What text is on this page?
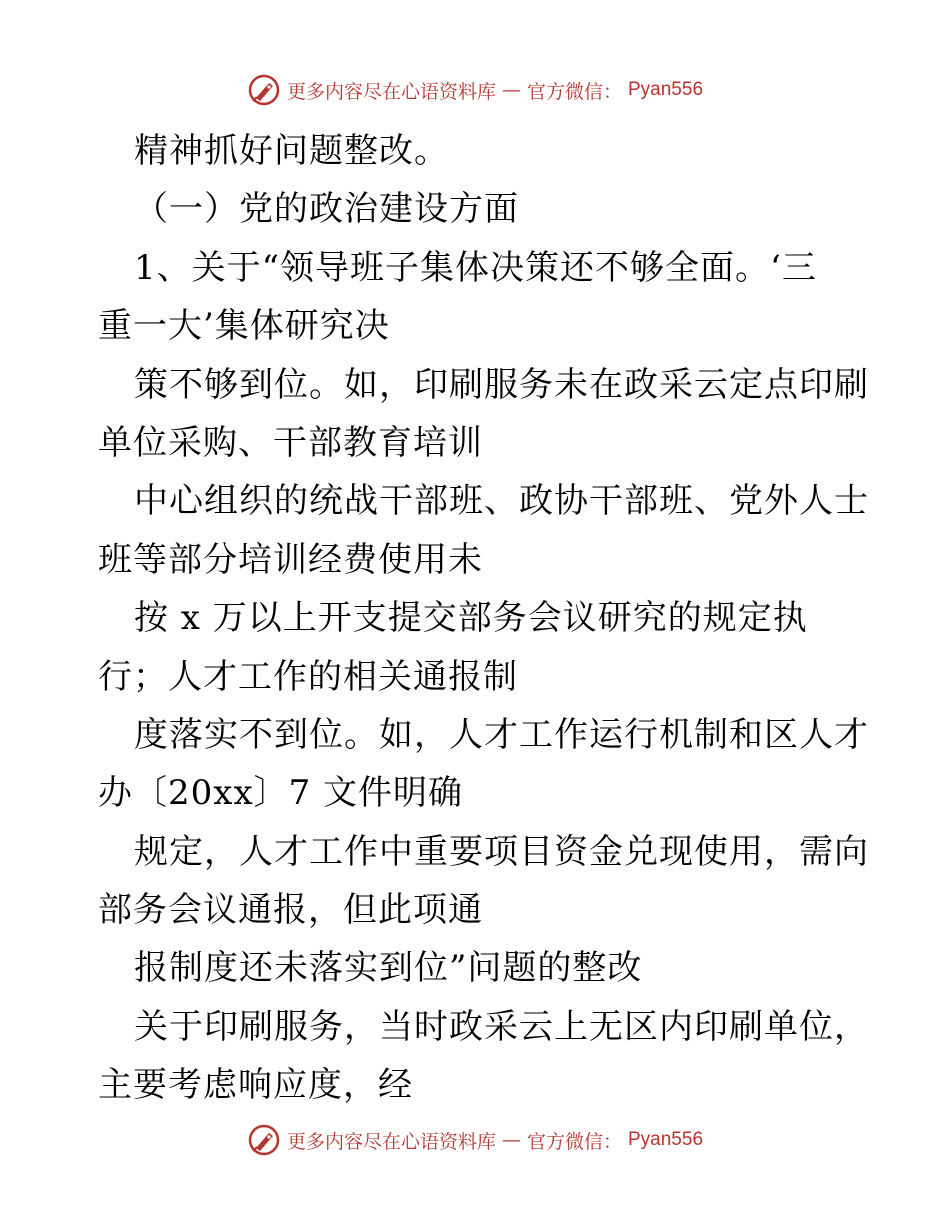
更多内容尽在心语资料库 — 官方微信： Pyan556
精神抓好问题整改。
（一）党的政治建设方面
1、关于“领导班子集体决策还不够全面。‘三
重一大’集体研究决
策不够到位。如，印刷服务未在政采云定点印刷
单位采购、干部教育培训
中心组织的统战干部班、政协干部班、党外人士
班等部分培训经费使用未
按 x 万以上开支提交部务会议研究的规定执
行；人才工作的相关通报制
度落实不到位。如，人才工作运行机制和区人才
办〔20xx〕7 文件明确
规定，人才工作中重要项目资金兑现使用，需向
部务会议通报，但此项通
报制度还未落实到位”问题的整改
关于印刷服务，当时政采云上无区内印刷单位，
主要考虑响应度，经
更多内容尽在心语资料库 — 官方微信： Pyan556
